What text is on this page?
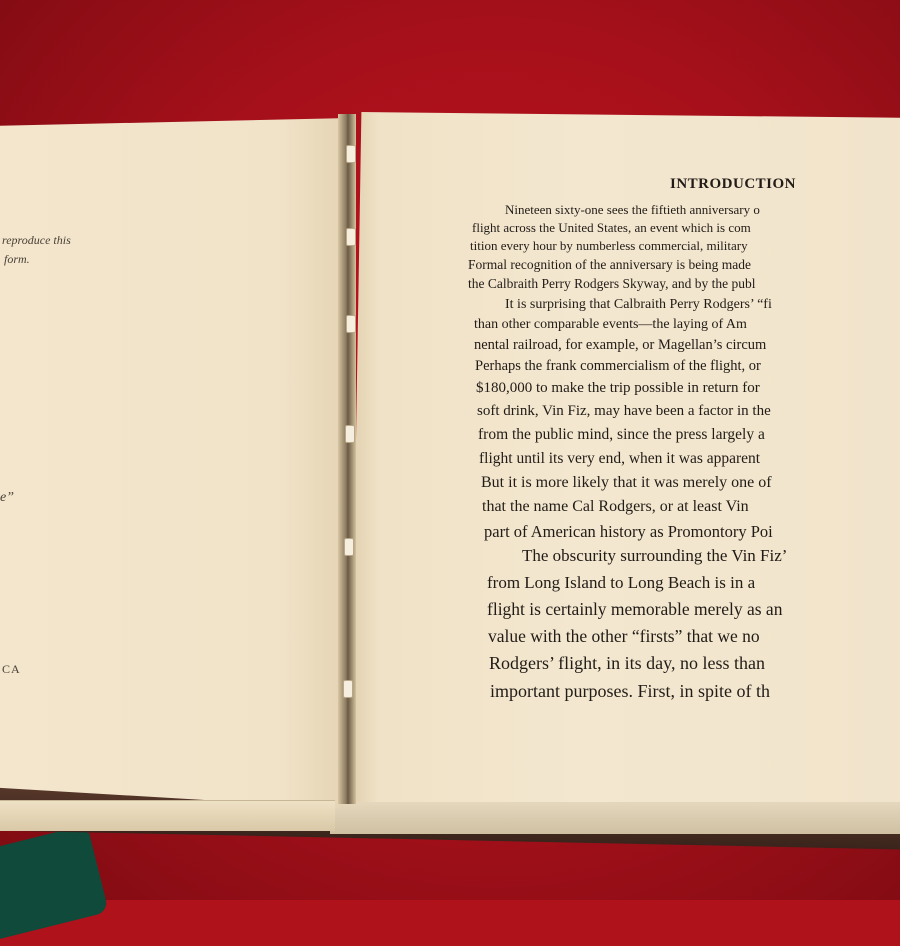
reproduce this
form.
e”
CA
INTRODUCTION
Nineteen sixty-one sees the fiftieth anniversary o
flight across the United States, an event which is com
tition every hour by numberless commercial, military
Formal recognition of the anniversary is being made
the Calbraith Perry Rodgers Skyway, and by the publ
It is surprising that Calbraith Perry Rodgers’ “fi
than other comparable events—the laying of Am
nental railroad, for example, or Magellan’s circum
Perhaps the frank commercialism of the flight, or
$180,000 to make the trip possible in return for
soft drink, Vin Fiz, may have been a factor in the
from the public mind, since the press largely a
flight until its very end, when it was apparent
But it is more likely that it was merely one of
that the name Cal Rodgers, or at least Vin
part of American history as Promontory Poi
The obscurity surrounding the Vin Fiz’
from Long Island to Long Beach is in a
flight is certainly memorable merely as an
value with the other “firsts” that we no
Rodgers’ flight, in its day, no less than
important purposes. First, in spite of th
